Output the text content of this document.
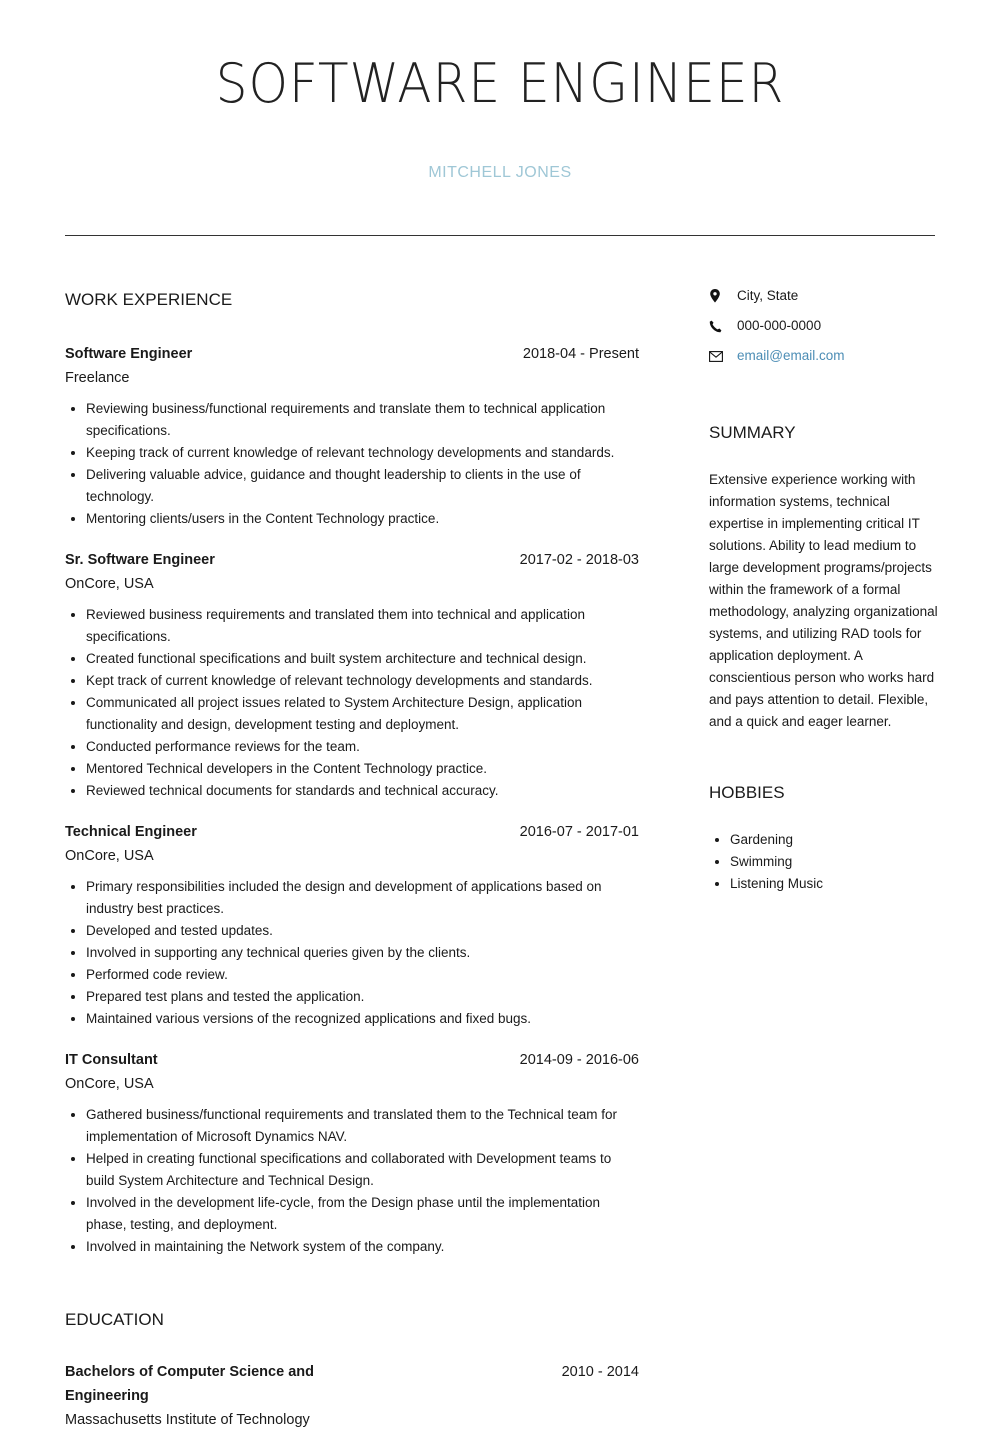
SOFTWARE ENGINEER

MITCHELL JONES

WORK EXPERIENCE
Software Engineer	2018-04 - Present
Freelance
• Reviewing business/functional requirements and translate them to technical application specifications.
• Keeping track of current knowledge of relevant technology developments and standards.
• Delivering valuable advice, guidance and thought leadership to clients in the use of technology.
• Mentoring clients/users in the Content Technology practice.
Sr. Software Engineer	2017-02 - 2018-03
OnCore, USA
• Reviewed business requirements and translated them into technical and application specifications.
• Created functional specifications and built system architecture and technical design.
• Kept track of current knowledge of relevant technology developments and standards.
• Communicated all project issues related to System Architecture Design, application functionality and design, development testing and deployment.
• Conducted performance reviews for the team.
• Mentored Technical developers in the Content Technology practice.
• Reviewed technical documents for standards and technical accuracy.
Technical Engineer	2016-07 - 2017-01
OnCore, USA
• Primary responsibilities included the design and development of applications based on industry best practices.
• Developed and tested updates.
• Involved in supporting any technical queries given by the clients.
• Performed code review.
• Prepared test plans and tested the application.
• Maintained various versions of the recognized applications and fixed bugs.
IT Consultant	2014-09 - 2016-06
OnCore, USA
• Gathered business/functional requirements and translated them to the Technical team for implementation of Microsoft Dynamics NAV.
• Helped in creating functional specifications and collaborated with Development teams to build System Architecture and Technical Design.
• Involved in the development life-cycle, from the Design phase until the implementation phase, testing, and deployment.
• Involved in maintaining the Network system of the company.
EDUCATION
Bachelors of Computer Science and Engineering
2010 - 2014
Massachusetts Institute of Technology
City, State
000-000-0000
email@email.com
SUMMARY

Extensive experience working with information systems, technical expertise in implementing critical IT solutions. Ability to lead medium to large development programs/projects within the framework of a formal methodology, analyzing organizational systems, and utilizing RAD tools for application deployment. A conscientious person who works hard and pays attention to detail. Flexible, and a quick and eager learner.

HOBBIES
• Gardening
• Swimming
• Listening Music
